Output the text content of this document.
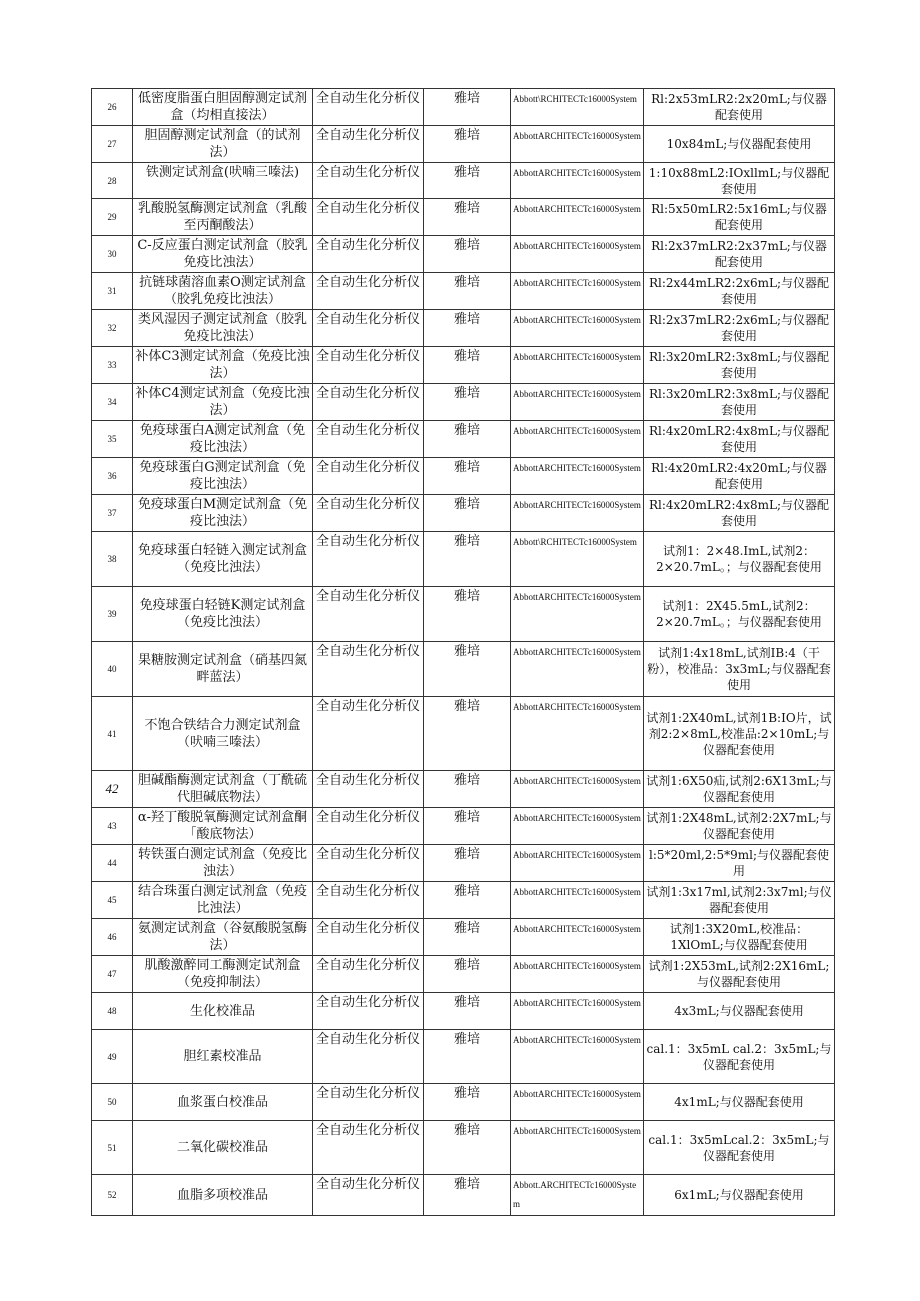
26	低密度脂蛋白胆固醇测定试剂盒（均相直接法）	全自动生化分析仪	雅培	Abbott\RCHITECTc16000System	Rl:2x53mLR2:2x20mL;与仪器配套使用
27	胆固醇测定试剂盒（的试剂法）	全自动生化分析仪	雅培	AbbottARCHITECTc16000System	10x84mL;与仪器配套使用
28	铁测定试剂盒(吠喃三嗪法)	全自动生化分析仪	雅培	AbbottARCHITECTc16000System	1:10x88mL2:IOxllmL;与仪器配套使用
29	乳酸脱氢酶测定试剂盒（乳酸至丙酮酸法）	全自动生化分析仪	雅培	AbbottARCHITECTc16000System	Rl:5x50mLR2:5x16mL;与仪器配套使用
30	C-反应蛋白测定试剂盒（胶乳免疫比浊法）	全自动生化分析仪	雅培	AbbottARCHITECTc16000System	Rl:2x37mLR2:2x37mL;与仪器配套使用
31	抗链球菌溶血素O测定试剂盒（胶乳免疫比浊法）	全自动生化分析仪	雅培	AbbottARCHITECTc16000System	Rl:2x44mLR2:2x6mL;与仪器配套使用
32	类风湿因子测定试剂盒（胶乳免疫比浊法）	全自动生化分析仪	雅培	AbbottARCHITECTc16000System	Rl:2x37mLR2:2x6mL;与仪器配套使用
33	补体C3测定试剂盒（免疫比浊法）	全自动生化分析仪	雅培	AbbottARCHITECTc16000System	Rl:3x20mLR2:3x8mL;与仪器配套使用
34	补体C4测定试剂盒（免疫比浊法）	全自动生化分析仪	雅培	AbbottARCHITECTc16000System	Rl:3x20mLR2:3x8mL;与仪器配套使用
35	免疫球蛋白A测定试剂盒（免疫比浊法）	全自动生化分析仪	雅培	AbbottARCHITECTc16000System	Rl:4x20mLR2:4x8mL;与仪器配套使用
36	免疫球蛋白G测定试剂盒（免疫比浊法）	全自动生化分析仪	雅培	AbbottARCHITECTc16000System	Rl:4x20mLR2:4x20mL;与仪器配套使用
37	免疫球蛋白M测定试剂盒（免疫比浊法）	全自动生化分析仪	雅培	AbbottARCHITECTc16000System	Rl:4x20mLR2:4x8mL;与仪器配套使用
38	免疫球蛋白轻链入测定试剂盒（免疫比浊法）	全自动生化分析仪	雅培	Abbott\RCHITECTc16000System	试剂1：2×48.ImL,试剂2：2×20.7mL。；与仪器配套使用
39	免疫球蛋白轻链K测定试剂盒（免疫比浊法）	全自动生化分析仪	雅培	AbbottARCHITECTc16000System	试剂1：2X45.5mL,试剂2：2×20.7mL。；与仪器配套使用
40	果糖胺测定试剂盒（硝基四氮畔蓝法）	全自动生化分析仪	雅培	AbbottARCHITECTc16000System	试剂1:4x18mL,试剂IB:4（干粉），校准品：3x3mL;与仪器配套使用
41	不饱合铁结合力测定试剂盒（吠喃三嗪法）	全自动生化分析仪	雅培	AbbottARCHITECTc16000System	试剂1:2X40mL,试剂1B:IO片，试剂2:2×8mL,校准品:2×10mL;与仪器配套使用
42	胆碱酯酶测定试剂盒（丁酰硫代胆碱底物法）	全自动生化分析仪	雅培	AbbottARCHITECTc16000System	试剂1:6X50疝,试剂2:6X13mL;与仪器配套使用
43	α-羟丁酸脱氧酶测定试剂盒酮「酸底物法）	全自动生化分析仪	雅培	AbbottARCHITECTc16000System	试剂1:2X48mL,试剂2:2X7mL;与仪器配套使用
44	转铁蛋白测定试剂盒（免疫比浊法）	全自动生化分析仪	雅培	AbbottARCHITECTc16000System	l:5*20ml,2:5*9ml;与仪器配套使用
45	结合珠蛋白测定试剂盒（免疫比浊法）	全自动生化分析仪	雅培	AbbottARCHITECTc16000System	试剂1:3x17ml,试剂2:3x7ml;与仪器配套使用
46	氨测定试剂盒（谷氨酸脱氢酶法）	全自动生化分析仪	雅培	AbbottARCHITECTc16000System	试剂1:3X20mL,校准品：1XlOmL;与仪器配套使用
47	肌酸激醉同工酶测定试剂盒（免疫抑制法）	全自动生化分析仪	雅培	AbbottARCHITECTc16000System	试剂1:2X53mL,试剂2:2X16mL;与仪器配套使用
48	生化校准品	全自动生化分析仪	雅培	AbbottARCHITECTc16000System	4x3mL;与仪器配套使用
49	胆红素校准品	全自动生化分析仪	雅培	AbbottARCHITECTc16000System	cal.1：3x5mL cal.2：3x5mL;与仪器配套使用
50	血浆蛋白校准品	全自动生化分析仪	雅培	AbbottARCHITECTc16000System	4x1mL;与仪器配套使用
51	二氧化碳校准品	全自动生化分析仪	雅培	AbbottARCHITECTc16000System	cal.1：3x5mLcal.2：3x5mL;与仪器配套使用
52	血脂多项校准品	全自动生化分析仪	雅培	Abbott.ARCHITECTc16000System	6x1mL;与仪器配套使用
